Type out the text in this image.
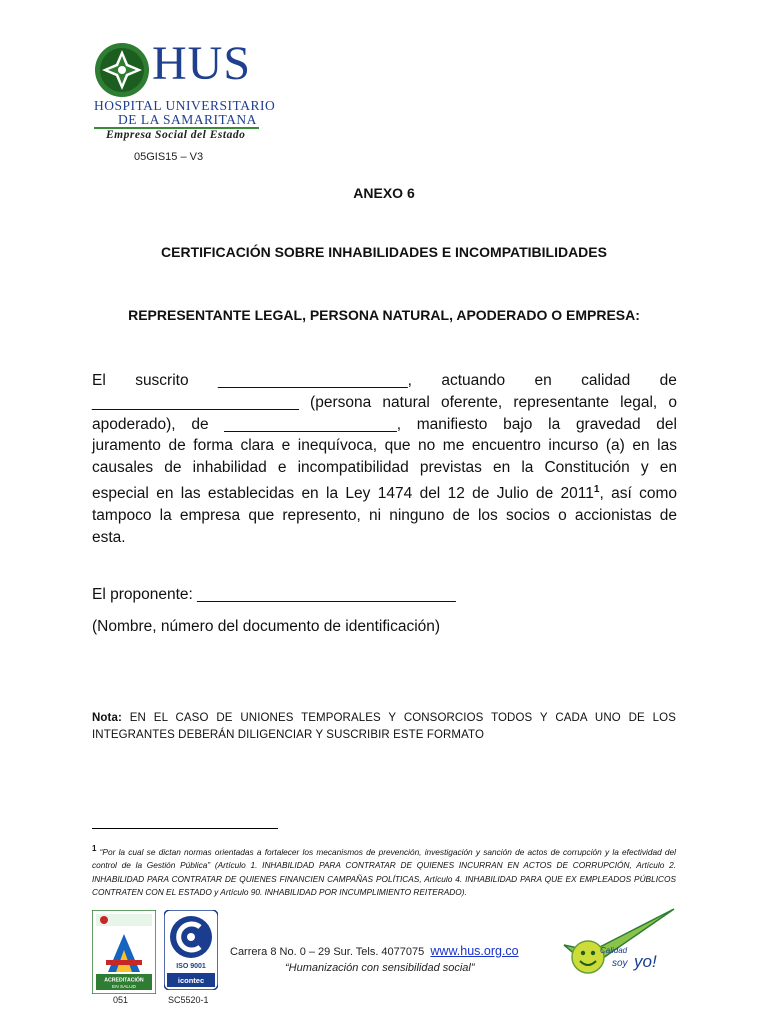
HUS
HOSPITAL UNIVERSITARIO
DE LA SAMARITANA
Empresa Social del Estado
05GIS15 – V3
ANEXO 6
CERTIFICACIÓN SOBRE INHABILIDADES E INCOMPATIBILIDADES
REPRESENTANTE LEGAL, PERSONA NATURAL, APODERADO O EMPRESA:
El suscrito ______________________, actuando en calidad de
________________________ (persona natural oferente, representante legal, o
apoderado), de ____________________, manifiesto bajo la gravedad del
juramento de forma clara e inequívoca, que no me encuentro incurso (a) en las
causales de inhabilidad e incompatibilidad previstas en la Constitución y en
especial en las establecidas en la Ley 1474 del 12 de Julio de 2011$^1$, así como
tampoco la empresa que represento, ni ninguno de los socios o accionistas de
esta.
El proponente: ______________________________
(Nombre, número del documento de identificación)
Nota: EN EL CASO DE UNIONES TEMPORALES Y CONSORCIOS TODOS Y CADA UNO DE LOS INTEGRANTES DEBERÁN DILIGENCIAR Y SUSCRIBIR ESTE FORMATO
$^1$ “Por la cual se dictan normas orientadas a fortalecer los mecanismos de prevención, investigación y sanción de actos de corrupción y la efectividad del control de la Gestión Pública” (Artículo 1. INHABILIDAD PARA CONTRATAR DE QUIENES INCURRAN EN ACTOS DE CORRUPCIÓN, Artículo 2. INHABILIDAD PARA CONTRATAR DE QUIENES FINANCIEN CAMPAÑAS POLÍTICAS, Artículo 4. INHABILIDAD PARA QUE EX EMPLEADOS PÚBLICOS CONTRATEN CON EL ESTADO y Artículo 90. INHABILIDAD POR INCUMPLIMIENTO REITERADO).
ACREDITACIÓN
EN SALUD
051
ISO 9001
icontec
SC5520-1
Carrera 8 No. 0 – 29 Sur. Tels. 4077075 www.hus.org.co
“Humanización con sensibilidad social”
Calidad
soy yo!
